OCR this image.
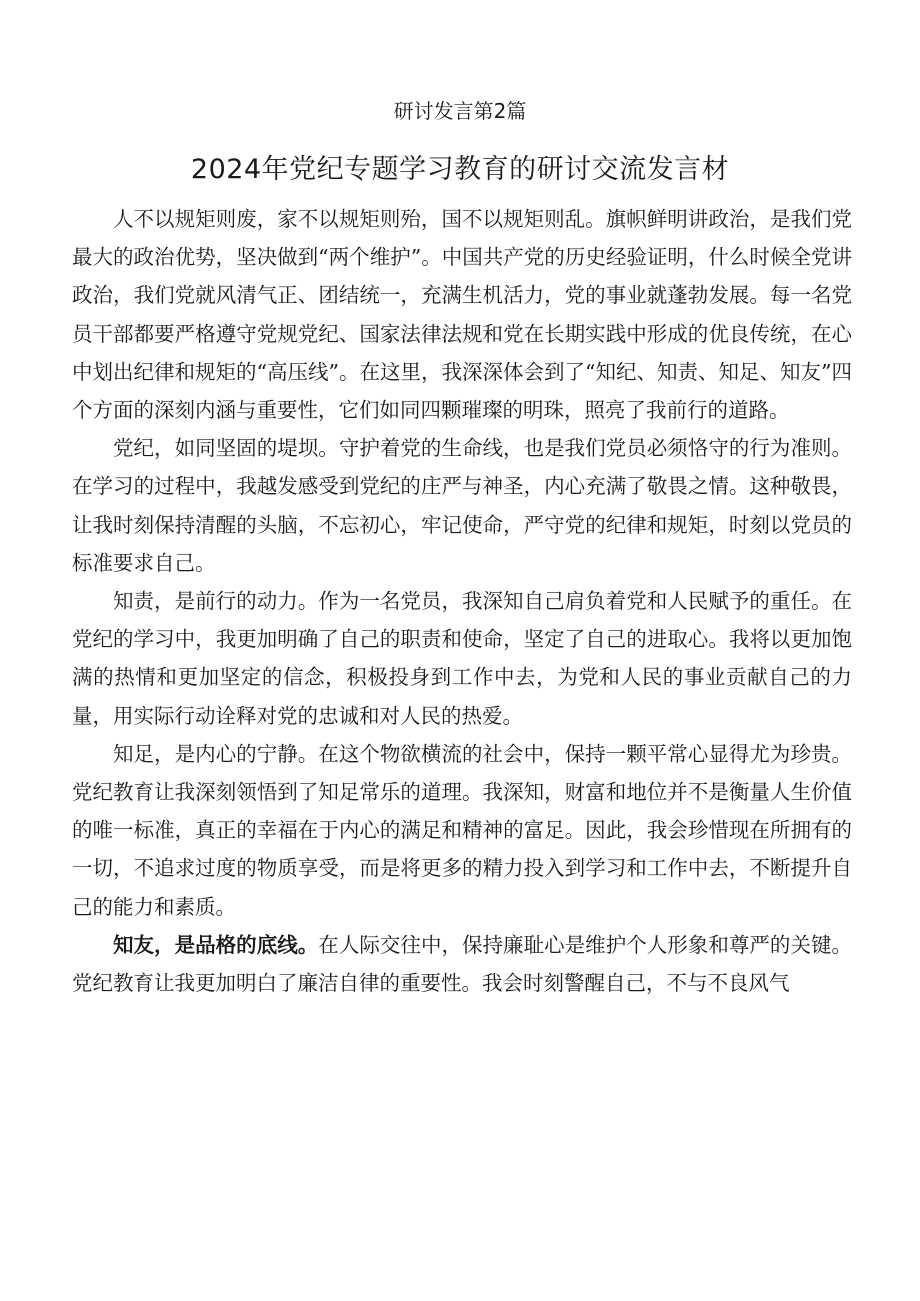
研讨发言第2篇
2024年党纪专题学习教育的研讨交流发言材

人不以规矩则废，家不以规矩则殆，国不以规矩则乱。旗帜鲜明讲政治，是我们党最大的政治优势，坚决做到“两个维护”。中国共产党的历史经验证明，什么时候全党讲政治，我们党就风清气正、团结统一，充满生机活力，党的事业就蓬勃发展。每一名党员干部都要严格遵守党规党纪、国家法律法规和党在长期实践中形成的优良传统，在心中划出纪律和规矩的“高压线”。在这里，我深深体会到了“知纪、知责、知足、知友”四个方面的深刻内涵与重要性，它们如同四颗璀璨的明珠，照亮了我前行的道路。

党纪，如同坚固的堤坝。守护着党的生命线，也是我们党员必须恪守的行为准则。在学习的过程中，我越发感受到党纪的庄严与神圣，内心充满了敬畏之情。这种敬畏，让我时刻保持清醒的头脑，不忘初心，牢记使命，严守党的纪律和规矩，时刻以党员的标准要求自己。

知责，是前行的动力。作为一名党员，我深知自己肩负着党和人民赋予的重任。在党纪的学习中，我更加明确了自己的职责和使命，坚定了自己的进取心。我将以更加饱满的热情和更加坚定的信念，积极投身到工作中去，为党和人民的事业贡献自己的力量，用实际行动诠释对党的忠诚和对人民的热爱。

知足，是内心的宁静。在这个物欲横流的社会中，保持一颗平常心显得尤为珍贵。党纪教育让我深刻领悟到了知足常乐的道理。我深知，财富和地位并不是衡量人生价值的唯一标准，真正的幸福在于内心的满足和精神的富足。因此，我会珍惜现在所拥有的一切，不追求过度的物质享受，而是将更多的精力投入到学习和工作中去，不断提升自己的能力和素质。

知友，是品格的底线。在人际交往中，保持廉耻心是维护个人形象和尊严的关键。党纪教育让我更加明白了廉洁自律的重要性。我会时刻警醒自己，不与不良风气
